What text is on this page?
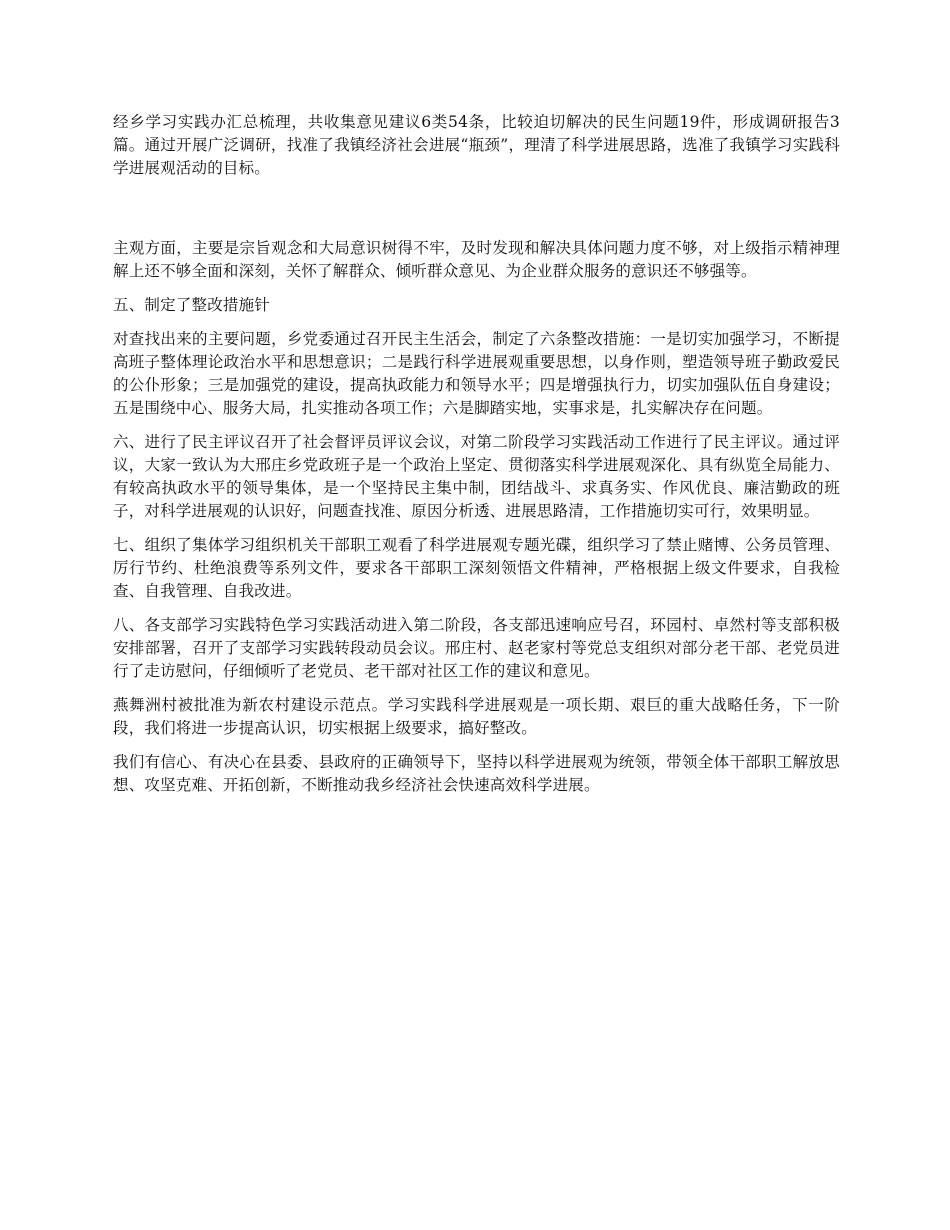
经乡学习实践办汇总梳理，共收集意见建议6类54条，比较迫切解决的民生问题19件，形成调研报告3篇。通过开展广泛调研，找准了我镇经济社会进展“瓶颈”，理清了科学进展思路，选准了我镇学习实践科学进展观活动的目标。

主观方面，主要是宗旨观念和大局意识树得不牢，及时发现和解决具体问题力度不够，对上级指示精神理解上还不够全面和深刻，关怀了解群众、倾听群众意见、为企业群众服务的意识还不够强等。

五、制定了整改措施针

对查找出来的主要问题，乡党委通过召开民主生活会，制定了六条整改措施：一是切实加强学习，不断提高班子整体理论政治水平和思想意识；二是践行科学进展观重要思想，以身作则，塑造领导班子勤政爱民的公仆形象；三是加强党的建设，提高执政能力和领导水平；四是增强执行力，切实加强队伍自身建设；五是围绕中心、服务大局，扎实推动各项工作；六是脚踏实地，实事求是，扎实解决存在问题。

六、进行了民主评议召开了社会督评员评议会议，对第二阶段学习实践活动工作进行了民主评议。通过评议，大家一致认为大邢庄乡党政班子是一个政治上坚定、贯彻落实科学进展观深化、具有纵览全局能力、有较高执政水平的领导集体，是一个坚持民主集中制，团结战斗、求真务实、作风优良、廉洁勤政的班子，对科学进展观的认识好，问题查找准、原因分析透、进展思路清，工作措施切实可行，效果明显。

七、组织了集体学习组织机关干部职工观看了科学进展观专题光碟，组织学习了禁止赌博、公务员管理、厉行节约、杜绝浪费等系列文件，要求各干部职工深刻领悟文件精神，严格根据上级文件要求，自我检查、自我管理、自我改进。

八、各支部学习实践特色学习实践活动进入第二阶段，各支部迅速响应号召，环园村、卓然村等支部积极安排部署，召开了支部学习实践转段动员会议。邢庄村、赵老家村等党总支组织对部分老干部、老党员进行了走访慰问，仔细倾听了老党员、老干部对社区工作的建议和意见。

燕舞洲村被批准为新农村建设示范点。学习实践科学进展观是一项长期、艰巨的重大战略任务，下一阶段，我们将进一步提高认识，切实根据上级要求，搞好整改。

我们有信心、有决心在县委、县政府的正确领导下，坚持以科学进展观为统领，带领全体干部职工解放思想、攻坚克难、开拓创新，不断推动我乡经济社会快速高效科学进展。
